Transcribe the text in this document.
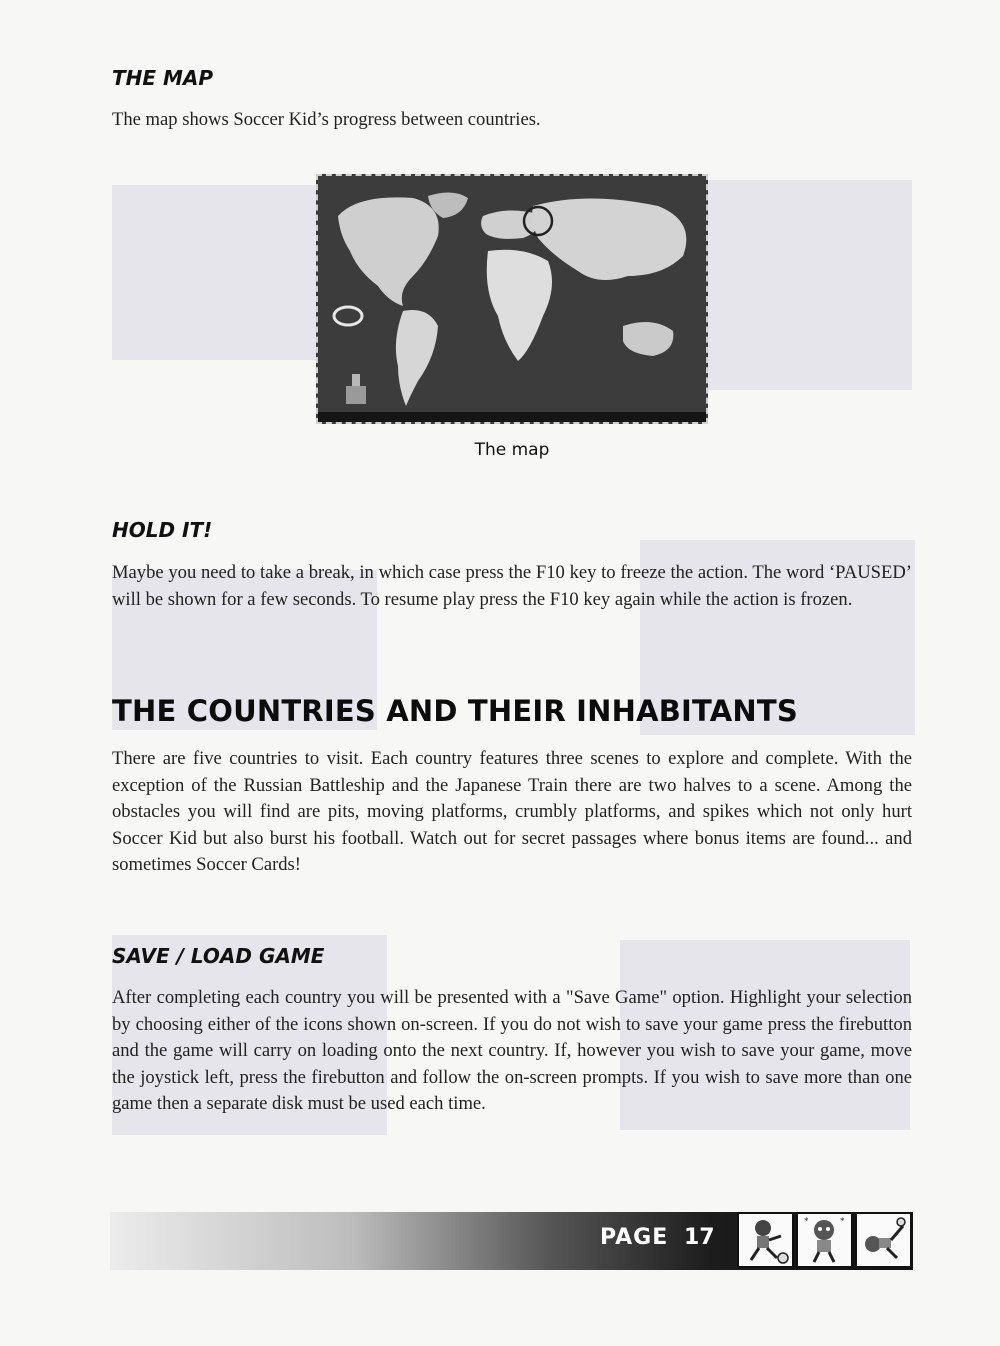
THE MAP
The map shows Soccer Kid’s progress between countries.
The map
HOLD IT!
Maybe you need to take a break, in which case press the F10 key to freeze the action. The word ‘PAUSED’ will be shown for a few seconds. To resume play press the F10 key again while the action is frozen.
THE COUNTRIES AND THEIR INHABITANTS
There are five countries to visit. Each country features three scenes to explore and complete. With the exception of the Russian Battleship and the Japanese Train there are two halves to a scene. Among the obstacles you will find are pits, moving platforms, crumbly platforms, and spikes which not only hurt Soccer Kid but also burst his football. Watch out for secret passages where bonus items are found... and sometimes Soccer Cards!
SAVE / LOAD GAME
After completing each country you will be presented with a "Save Game" option. Highlight your selection by choosing either of the icons shown on-screen. If you do not wish to save your game press the firebutton and the game will carry on loading onto the next country. If, however you wish to save your game, move the joystick left, press the firebutton and follow the on-screen prompts. If you wish to save more than one game then a separate disk must be used each time.
PAGE 17
*	*
